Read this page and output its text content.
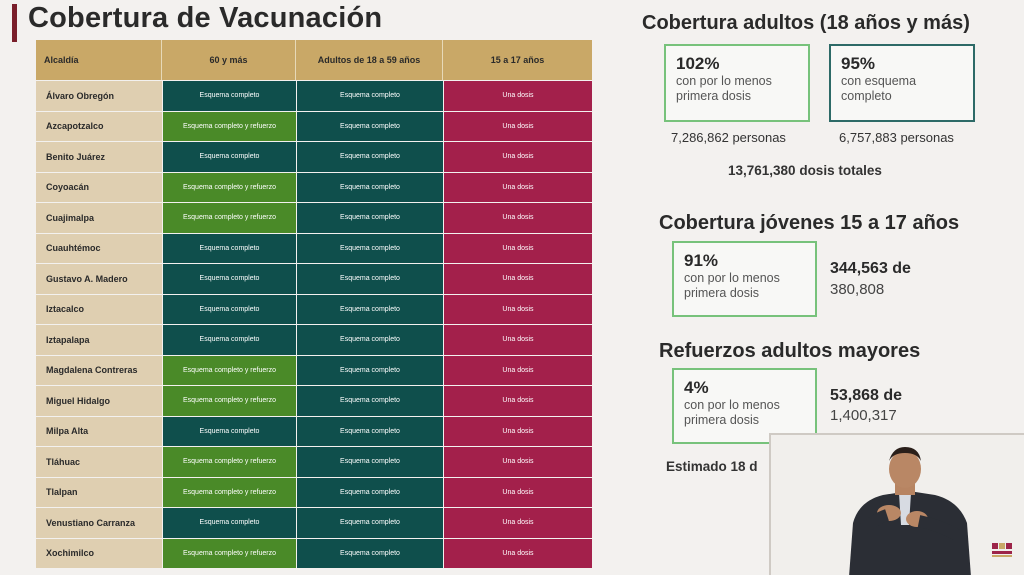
Cobertura de Vacunación
Alcaldía	60 y más	Adultos de 18 a 59 años	15 a 17 años
Álvaro Obregón	Esquema completo	Esquema completo	Una dosis
Azcapotzalco	Esquema completo y refuerzo	Esquema completo	Una dosis
Benito Juárez	Esquema completo	Esquema completo	Una dosis
Coyoacán	Esquema completo y refuerzo	Esquema completo	Una dosis
Cuajimalpa	Esquema completo y refuerzo	Esquema completo	Una dosis
Cuauhtémoc	Esquema completo	Esquema completo	Una dosis
Gustavo A. Madero	Esquema completo	Esquema completo	Una dosis
Iztacalco	Esquema completo	Esquema completo	Una dosis
Iztapalapa	Esquema completo	Esquema completo	Una dosis
Magdalena Contreras	Esquema completo y refuerzo	Esquema completo	Una dosis
Miguel Hidalgo	Esquema completo y refuerzo	Esquema completo	Una dosis
Milpa Alta	Esquema completo	Esquema completo	Una dosis
Tláhuac	Esquema completo y refuerzo	Esquema completo	Una dosis
Tlalpan	Esquema completo y refuerzo	Esquema completo	Una dosis
Venustiano Carranza	Esquema completo	Esquema completo	Una dosis
Xochimilco	Esquema completo y refuerzo	Esquema completo	Una dosis
Cobertura adultos (18 años y más)
102%
con por lo menos
primera dosis
95%
con esquema
completo
7,286,862 personas	6,757,883 personas
13,761,380 dosis totales
Cobertura jóvenes 15 a 17 años
91%
con por lo menos
primera dosis
344,563 de
380,808
Refuerzos adultos mayores
4%
con por lo menos
primera dosis
53,868 de
1,400,317
Estimado 18 d
